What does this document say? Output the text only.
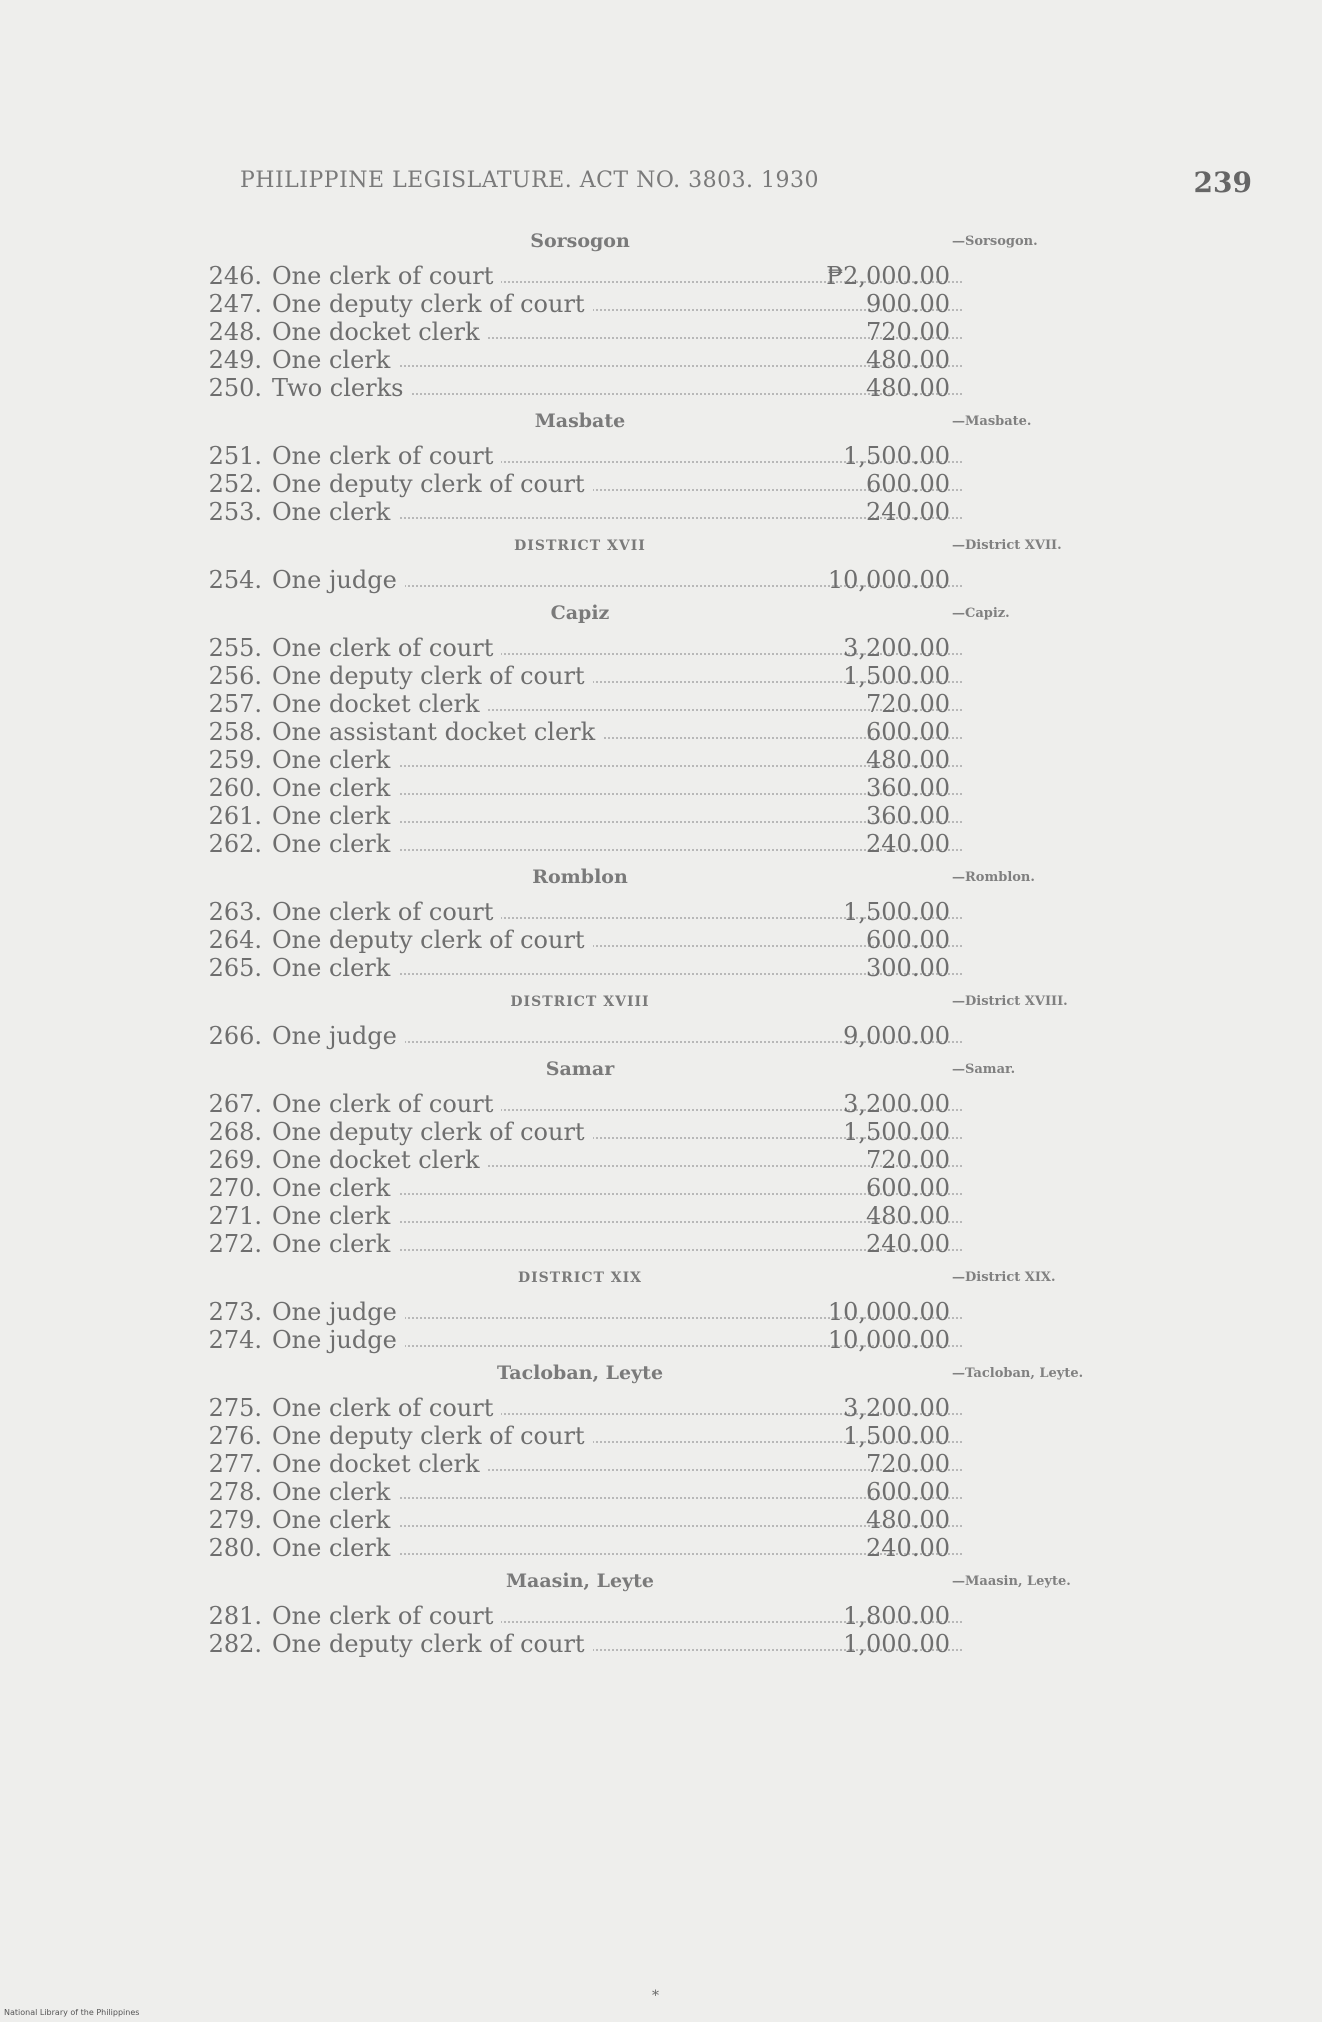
PHILIPPINE LEGISLATURE. ACT NO. 3803. 1930	239
Sorsogon	—Sorsogon.
246. One clerk of court	₱2,000.00
247. One deputy clerk of court	900.00
248. One docket clerk	720.00
249. One clerk	480.00
250. Two clerks	480.00
Masbate	—Masbate.
251. One clerk of court	1,500.00
252. One deputy clerk of court	600.00
253. One clerk	240.00
DISTRICT XVII	—District XVII.
254. One judge	10,000.00
Capiz	—Capiz.
255. One clerk of court	3,200.00
256. One deputy clerk of court	1,500.00
257. One docket clerk	720.00
258. One assistant docket clerk	600.00
259. One clerk	480.00
260. One clerk	360.00
261. One clerk	360.00
262. One clerk	240.00
Romblon	—Romblon.
263. One clerk of court	1,500.00
264. One deputy clerk of court	600.00
265. One clerk	300.00
DISTRICT XVIII	—District XVIII.
266. One judge	9,000.00
Samar	—Samar.
267. One clerk of court	3,200.00
268. One deputy clerk of court	1,500.00
269. One docket clerk	720.00
270. One clerk	600.00
271. One clerk	480.00
272. One clerk	240.00
DISTRICT XIX	—District XIX.
273. One judge	10,000.00
274. One judge	10,000.00
Tacloban, Leyte	—Tacloban, Leyte.
275. One clerk of court	3,200.00
276. One deputy clerk of court	1,500.00
277. One docket clerk	720.00
278. One clerk	600.00
279. One clerk	480.00
280. One clerk	240.00
Maasin, Leyte	—Maasin, Leyte.
281. One clerk of court	1,800.00
282. One deputy clerk of court	1,000.00
*
National Library of the Philippines
